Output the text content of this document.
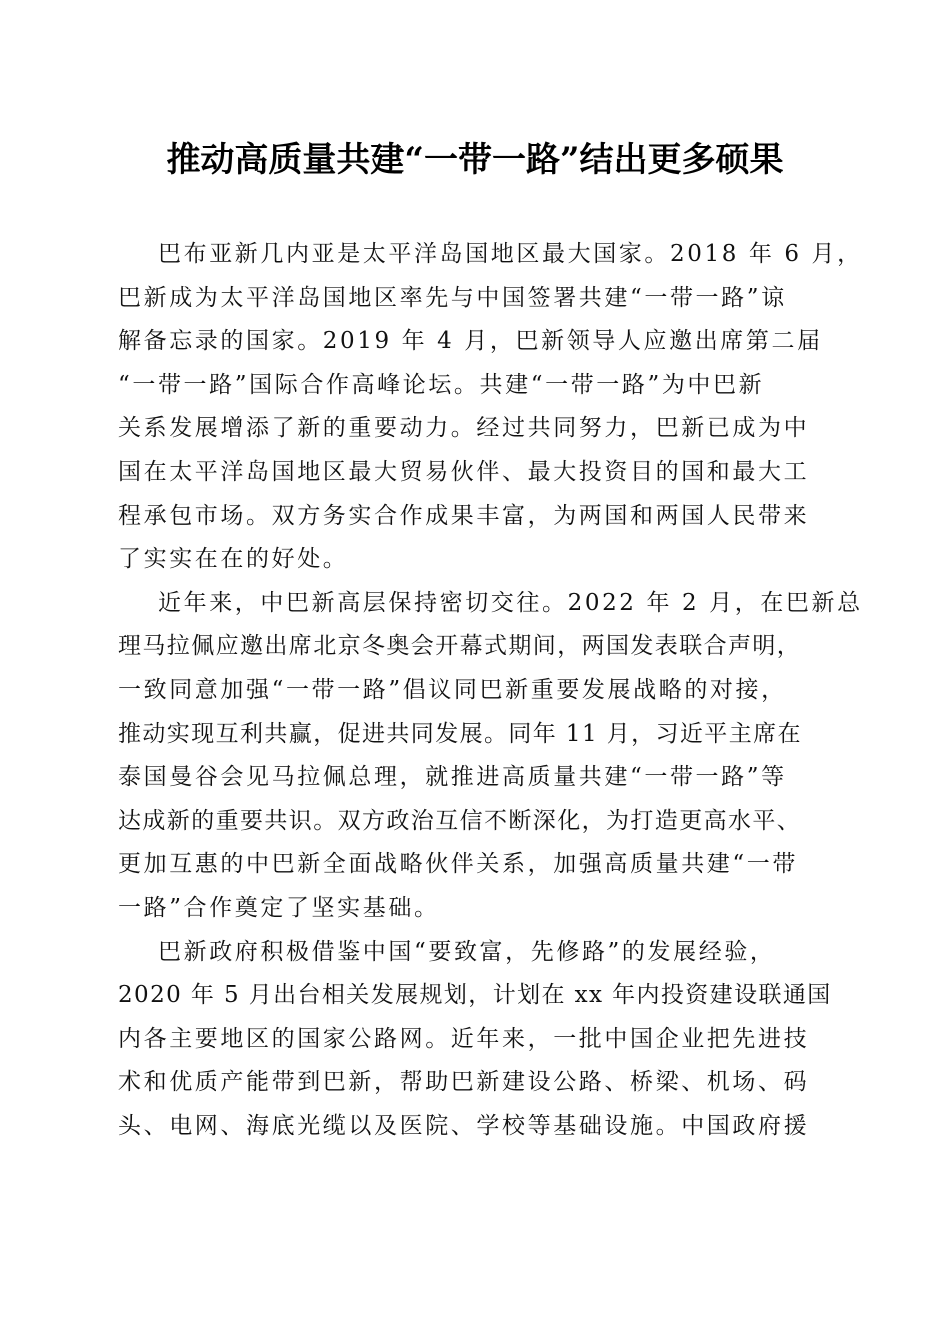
推动高质量共建“一带一路”结出更多硕果
巴布亚新几内亚是太平洋岛国地区最大国家。2018 年 6 月，
巴新成为太平洋岛国地区率先与中国签署共建“一带一路”谅
解备忘录的国家。2019 年 4 月，巴新领导人应邀出席第二届
“一带一路”国际合作高峰论坛。共建“一带一路”为中巴新
关系发展增添了新的重要动力。经过共同努力，巴新已成为中
国在太平洋岛国地区最大贸易伙伴、最大投资目的国和最大工
程承包市场。双方务实合作成果丰富，为两国和两国人民带来
了实实在在的好处。
近年来，中巴新高层保持密切交往。2022 年 2 月，在巴新总
理马拉佩应邀出席北京冬奥会开幕式期间，两国发表联合声明，
一致同意加强“一带一路”倡议同巴新重要发展战略的对接，
推动实现互利共赢，促进共同发展。同年 11 月，习近平主席在
泰国曼谷会见马拉佩总理，就推进高质量共建“一带一路”等
达成新的重要共识。双方政治互信不断深化，为打造更高水平、
更加互惠的中巴新全面战略伙伴关系，加强高质量共建“一带
一路”合作奠定了坚实基础。
巴新政府积极借鉴中国“要致富，先修路”的发展经验，
2020 年 5 月出台相关发展规划，计划在 xx 年内投资建设联通国
内各主要地区的国家公路网。近年来，一批中国企业把先进技
术和优质产能带到巴新，帮助巴新建设公路、桥梁、机场、码
头、电网、海底光缆以及医院、学校等基础设施。中国政府援
